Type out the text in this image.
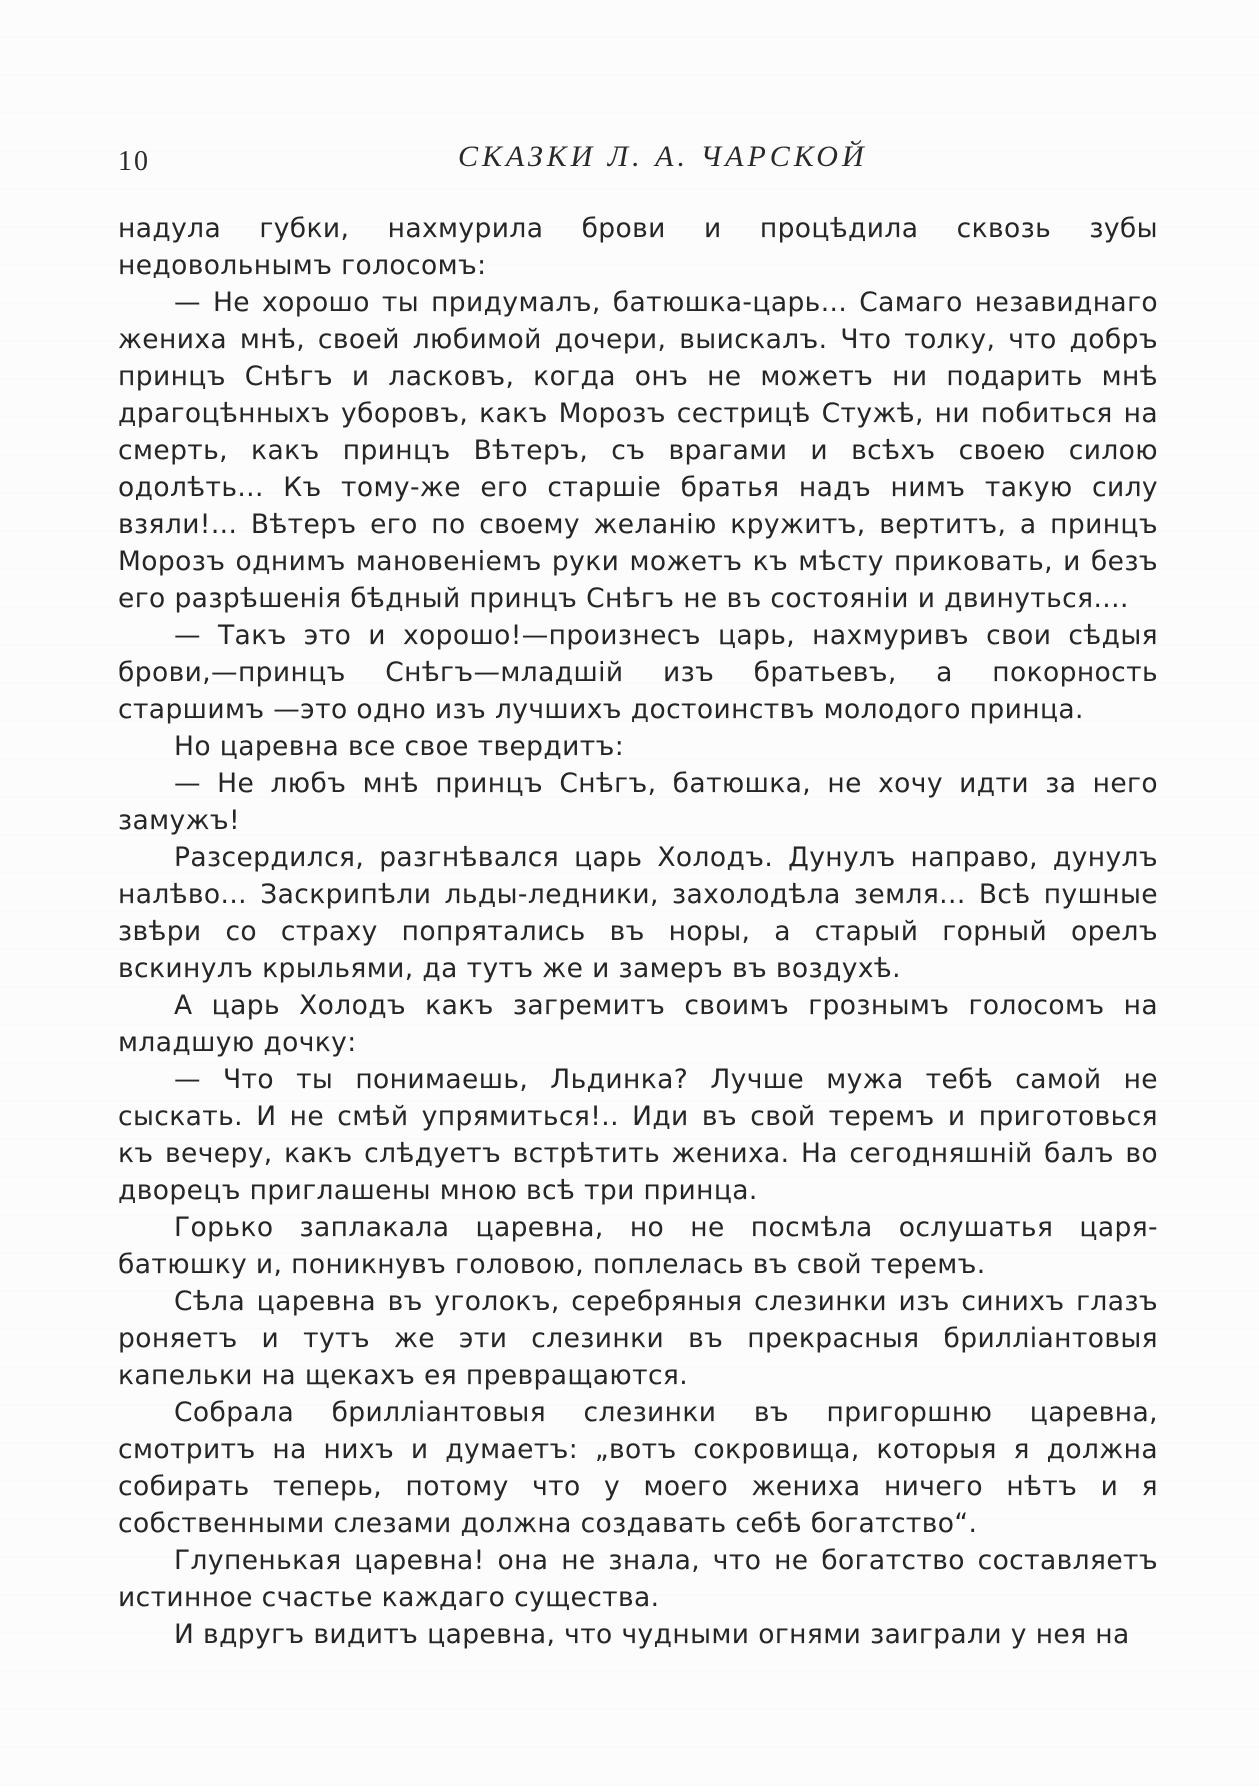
10	СКАЗКИ Л. А. ЧАРСКОЙ

надула губки, нахмурила брови и процѣдила сквозь зубы недовольнымъ голосомъ:

— Не хорошо ты придумалъ, батюшка-царь... Самаго незавиднаго жениха мнѣ, своей любимой дочери, выискалъ. Что толку, что добръ принцъ Снѣгъ и ласковъ, когда онъ не можетъ ни подарить мнѣ драгоцѣнныхъ уборовъ, какъ Морозъ сестрицѣ Стужѣ, ни побиться на смерть, какъ принцъ Вѣтеръ, съ врагами и всѣхъ своею силою одолѣть... Къ тому-же его старшіе братья надъ нимъ такую силу взяли!... Вѣтеръ его по своему желанію кружитъ, вертитъ, а принцъ Морозъ однимъ мановеніемъ руки можетъ къ мѣсту приковать, и безъ его разрѣшенія бѣдный принцъ Снѣгъ не въ состояніи и двинуться....

— Такъ это и хорошо!—произнесъ царь, нахмуривъ свои сѣдыя брови,—принцъ Снѣгъ—младшій изъ братьевъ, а покорность старшимъ —это одно изъ лучшихъ достоинствъ молодого принца.

Но царевна все свое твердитъ:

— Не любъ мнѣ принцъ Снѣгъ, батюшка, не хочу идти за него замужъ!

Разсердился, разгнѣвался царь Холодъ. Дунулъ направо, дунулъ налѣво... Заскрипѣли льды-ледники, захолодѣла земля... Всѣ пушные звѣри со страху попрятались въ норы, а старый горный орелъ вскинулъ крыльями, да тутъ же и замеръ въ воздухѣ.

А царь Холодъ какъ загремитъ своимъ грознымъ голосомъ на младшую дочку:

— Что ты понимаешь, Льдинка? Лучше мужа тебѣ самой не сыскать. И не смѣй упрямиться!.. Иди въ свой теремъ и приготовься къ вечеру, какъ слѣдуетъ встрѣтить жениха. На сегодняшній балъ во дворецъ приглашены мною всѣ три принца.

Горько заплакала царевна, но не посмѣла ослушатья царя-батюшку и, поникнувъ головою, поплелась въ свой теремъ.

Сѣла царевна въ уголокъ, серебряныя слезинки изъ синихъ глазъ роняетъ и тутъ же эти слезинки въ прекрасныя бриллiантовыя капельки на щекахъ ея превращаются.

Собрала бриллiантовыя слезинки въ пригоршню царевна, смотритъ на нихъ и думаетъ: „вотъ сокровища, которыя я должна собирать теперь, потому что у моего жениха ничего нѣтъ и я собственными слезами должна создавать себѣ богатство“.

Глупенькая царевна! она не знала, что не богатство составляетъ истинное счастье каждаго существа.

И вдругъ видитъ царевна, что чудными огнями заиграли у нея на
